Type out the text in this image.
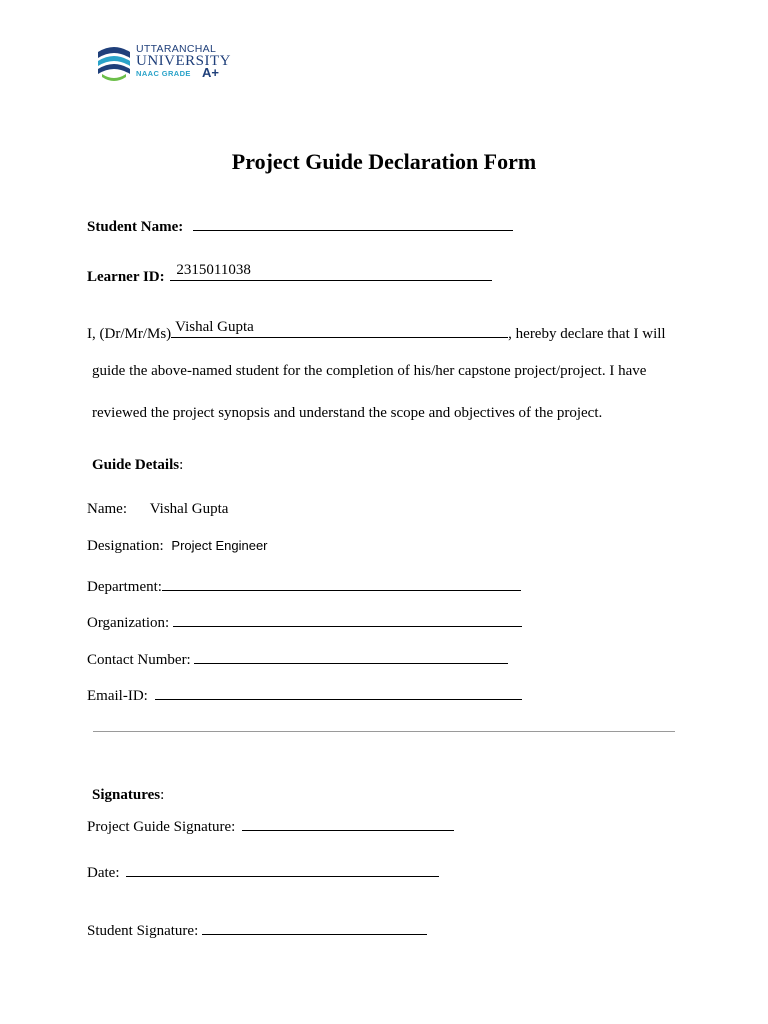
UTTARANCHAL
UNIVERSITY
NAAC GRADE A+
Project Guide Declaration Form
Student Name:
Learner ID: 2315011038
I, (Dr/Mr/Ms) Vishal Gupta	, hereby declare that I will
guide the above-named student for the completion of his/her capstone project/project. I have
reviewed the project synopsis and understand the scope and objectives of the project.
Guide Details:
Name: Vishal Gupta
Designation: Project Engineer
Department:
Organization:
Contact Number:
Email-ID:
Signatures:
Project Guide Signature:
Date:
Student Signature:
